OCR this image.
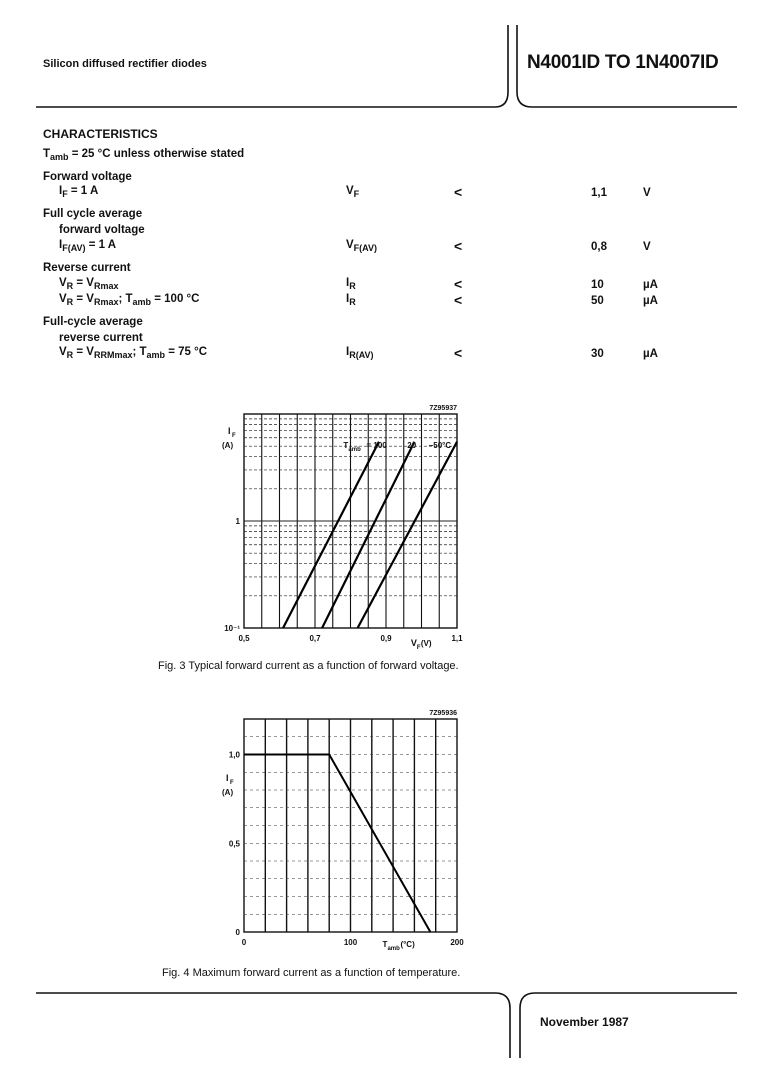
Silicon diffused rectifier diodes	N4001ID TO 1N4007ID
CHARACTERISTICS
$T_{amb} = 25$ °C unless otherwise stated
Forward voltage
$I_F = 1$ A	$V_F$	<	1,1	V
Full cycle average
forward voltage
$I_{F(AV)} = 1$ A	$V_{F(AV)}$	<	0,8	V
Reverse current
$V_R = V_{Rmax}$	$I_R$	<	10	µA
$V_R = V_{Rmax}$; $T_{amb} = 100$ °C	$I_R$	<	50	µA
Full-cycle average
reverse current
$V_R = V_{RRMmax}$; $T_{amb} = 75$ °C	$I_{R(AV)}$	<	30	µA
7Z95937
I F
(A)
1
10⁻¹
0,5	0,7	0,9	1,1
V F (V)
T amb = 100	20 −50°C
Fig. 3 Typical forward current as a function of forward voltage.
7Z95936
I F
(A)
0
0,5
1,0
0	100	200
T amb (°C)
Fig. 4 Maximum forward current as a function of temperature.
November 1987
